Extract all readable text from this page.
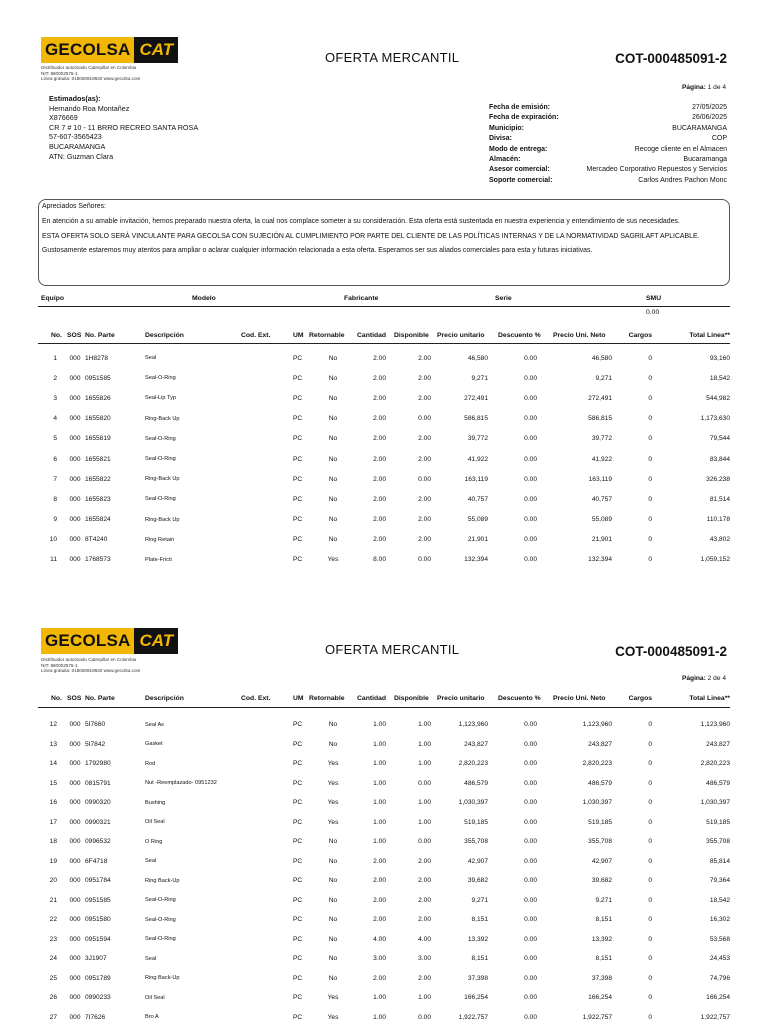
GECOLSA CAT
Distribuidor autorizado Caterpillar en Colombia
NIT: 860002576-1
Línea gratuita: 018000919920 www.gecolsa.com
OFERTA MERCANTIL	COT-000485091-2
Página: 1 de 4
Estimados(as):
Hernando Roa Montañez
X876669
CR 7 # 10 - 11 BRRO RECREO SANTA ROSA
57-607-3565423
BUCARAMANGA
ATN: Guzman Clara
Fecha de emisión:	27/05/2025
Fecha de expiración:	26/06/2025
Municipio:	BUCARAMANGA
Divisa:	COP
Modo de entrega:	Recoge cliente en el Almacen
Almacén:	Bucaramanga
Asesor comercial:	Mercadeo Corporativo Repuestos y Servicios
Soporte comercial:	Carlos Andres Pachon Monc

Apreciados Señores:

En atención a su amable invitación, hemos preparado nuestra oferta, la cual nos complace someter a su consideración. Esta oferta está sustentada en nuestra experiencia y entendimiento de sus necesidades.

ESTA OFERTA SOLO SERÁ VINCULANTE PARA GECOLSA CON SUJECIÓN AL CUMPLIMIENTO POR PARTE DEL CLIENTE DE LAS POLÍTICAS INTERNAS Y DE LA NORMATIVIDAD SAGRILAFT APLICABLE.

Gustosamente estaremos muy atentos para ampliar o aclarar cualquier información relacionada a esta oferta. Esperamos ser sus aliados comerciales para esta y futuras iniciativas.

Equipo	Modelo	Fabricante	Serie	SMU
0.00
No.	SOS	No. Parte	Descripción	Cod. Ext.	UM	Retornable	Cantidad	Disponible	Precio unitario	Descuento %	Precio Uni. Neto	Cargos	Total Linea**
1	000	1H8278	Seal		PC	No	2.00	2.00	46,580	0.00	46,580	0	93,160
2	000	0951585	Seal-O-Ring		PC	No	2.00	2.00	9,271	0.00	9,271	0	18,542
3	000	1655826	Seal-Lip Typ		PC	No	2.00	2.00	272,491	0.00	272,491	0	544,982
4	000	1655820	Ring-Back Up		PC	No	2.00	0.00	586,815	0.00	586,815	0	1,173,630
5	000	1655819	Seal-O-Ring		PC	No	2.00	2.00	39,772	0.00	39,772	0	79,544
6	000	1655821	Seal-O-Ring		PC	No	2.00	2.00	41,922	0.00	41,922	0	83,844
7	000	1655822	Ring-Back Up		PC	No	2.00	0.00	163,119	0.00	163,119	0	326,238
8	000	1655823	Seal-O-Ring		PC	No	2.00	2.00	40,757	0.00	40,757	0	81,514
9	000	1655824	Ring-Back Up		PC	No	2.00	2.00	55,089	0.00	55,089	0	110,178
10	000	8T4240	Ring Retain		PC	No	2.00	2.00	21,901	0.00	21,901	0	43,802
11	000	1768573	Plate-Fricti		PC	Yes	8.00	0.00	132,394	0.00	132,394	0	1,059,152
GECOLSA CAT
Distribuidor autorizado Caterpillar en Colombia
NIT: 860002576-1
Línea gratuita: 018000919920 www.gecolsa.com
OFERTA MERCANTIL	COT-000485091-2
Página: 2 de 4
No.	SOS	No. Parte	Descripción	Cod. Ext.	UM	Retornable	Cantidad	Disponible	Precio unitario	Descuento %	Precio Uni. Neto	Cargos	Total Linea**
12	000	5I7660	Seal As		PC	No	1.00	1.00	1,123,960	0.00	1,123,960	0	1,123,960
13	000	5I7842	Gasket		PC	No	1.00	1.00	243,827	0.00	243,827	0	243,827
14	000	1792980	Rod		PC	Yes	1.00	1.00	2,820,223	0.00	2,820,223	0	2,820,223
15	000	0815791	Nut -Reemplazado- 0951232		PC	Yes	1.00	0.00	486,579	0.00	486,579	0	486,579
16	000	0990320	Bushing		PC	Yes	1.00	1.00	1,030,397	0.00	1,030,397	0	1,030,397
17	000	0990321	Oil Seal		PC	Yes	1.00	1.00	519,185	0.00	519,185	0	519,185
18	000	0996532	O Ring		PC	No	1.00	0.00	355,708	0.00	355,708	0	355,708
19	000	6F4718	Seal		PC	No	2.00	2.00	42,907	0.00	42,907	0	85,814
20	000	0951784	Ring Back-Up		PC	No	2.00	2.00	39,682	0.00	39,682	0	79,364
21	000	0951585	Seal-O-Ring		PC	No	2.00	2.00	9,271	0.00	9,271	0	18,542
22	000	0951580	Seal-O-Ring		PC	No	2.00	2.00	8,151	0.00	8,151	0	16,302
23	000	0951594	Seal-O-Ring		PC	No	4.00	4.00	13,392	0.00	13,392	0	53,568
24	000	3J1907	Seal		PC	No	3.00	3.00	8,151	0.00	8,151	0	24,453
25	000	0951789	Ring Back-Up		PC	No	2.00	2.00	37,398	0.00	37,398	0	74,796
26	000	0990233	Oil Seal		PC	Yes	1.00	1.00	166,254	0.00	166,254	0	166,254
27	000	7I7626	Bro A		PC	Yes	1.00	0.00	1,922,757	0.00	1,922,757	0	1,922,757
